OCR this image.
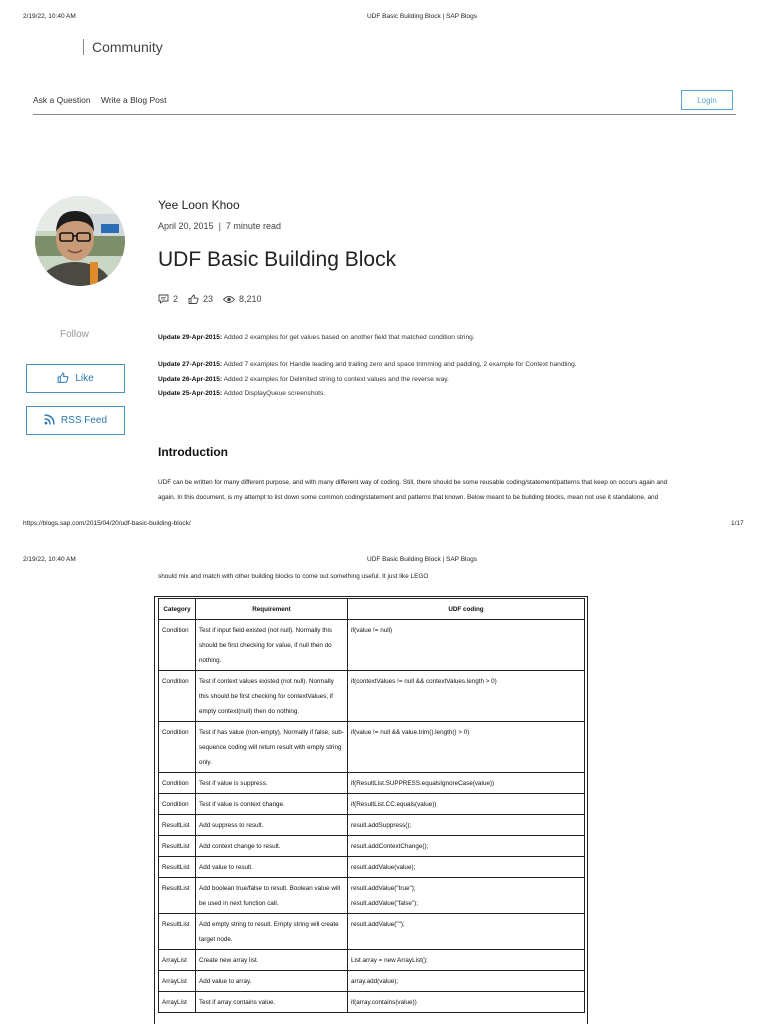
2/19/22, 10:40 AM	UDF Basic Building Block | SAP Blogs
Community
Ask a Question Write a Blog Post	Login
Yee Loon Khoo
April 20, 2015 | 7 minute read
UDF Basic Building Block
2	23	8,210
Follow
Like
RSS Feed
Update 29-Apr-2015: Added 2 examples for get values based on another field that matched condition string.
Update 27-Apr-2015: Added 7 examples for Handle leading and trailing zero and space trimming and padding, 2 example for Context handling.
Update 26-Apr-2015: Added 2 examples for Delimited string to context values and the reverse way.
Update 25-Apr-2015: Added DisplayQueue screenshots.
Introduction
UDF can be written for many different purpose, and with many different way of coding. Still, there should be some reusable coding/statement/patterns that keep on occurs again and
again. In this document, is my attempt to list down some common coding/statement and patterns that known. Below meant to be building blocks, mean not use it standalone, and
https://blogs.sap.com/2015/04/20/udf-basic-building-block/	1/17
2/19/22, 10:40 AM	UDF Basic Building Block | SAP Blogs
should mix and match with other building blocks to come out something useful. It just like LEGO
Category	Requirement	UDF coding
Condition	Test if input field existed (not null). Normally this should be first checking for value, if null then do nothing.	if(value != null)
Condition	Test if context values existed (not null). Normally this should be first checking for contextValues, if empty context(null) then do nothing.	if(contextValues != null && contextValues.length > 0)
Condition	Test if has value (non-empty). Normally if false, sub-sequence coding will return result with empty string only.	if(value != null && value.trim().length() > 0)
Condition	Test if value is suppress.	if(ResultList.SUPPRESS.equalsIgnoreCase(value))
Condition	Test if value is context change.	if(ResultList.CC.equals(value))
ResultList	Add suppress to result.	result.addSuppress();
ResultList	Add context change to result.	result.addContextChange();
ResultList	Add value to result.	result.addValue(value);
ResultList	Add boolean true/false to result. Boolean value will be used in next function call.	result.addValue("true");
result.addValue("false");
ResultList	Add empty string to result. Empty string will create target node.	result.addValue("");
ArrayList	Create new array list.	List array = new ArrayList();
ArrayList	Add value to array.	array.add(value);
ArrayList	Test if array contains value.	if(array.contains(value))
